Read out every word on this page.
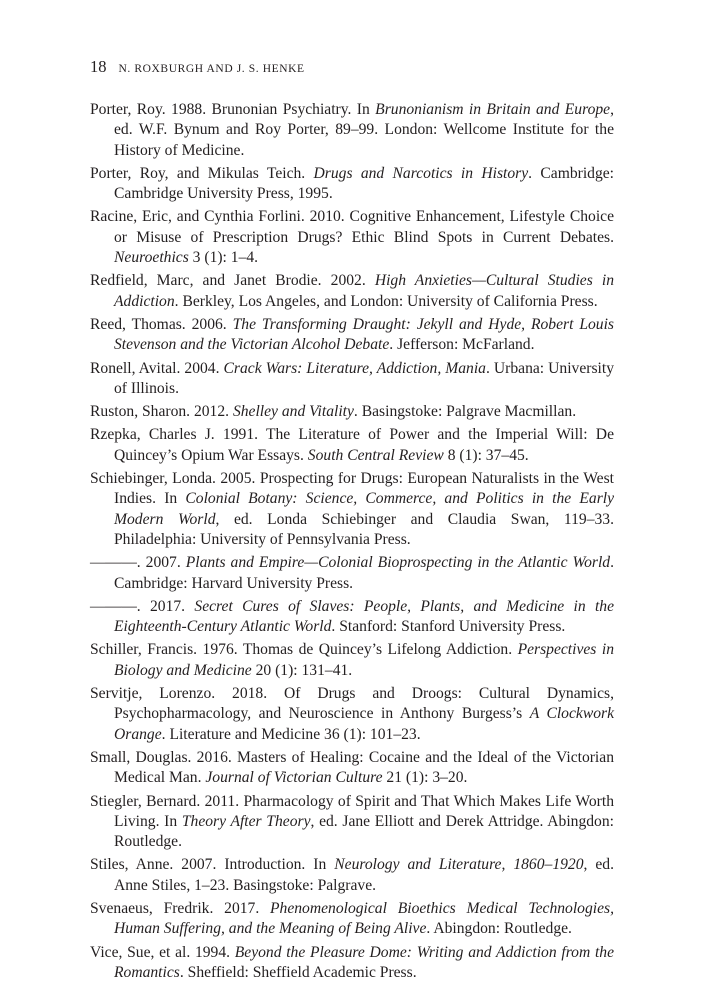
18 N. ROXBURGH AND J. S. HENKE
Porter, Roy. 1988. Brunonian Psychiatry. In Brunonianism in Britain and Europe, ed. W.F. Bynum and Roy Porter, 89–99. London: Wellcome Institute for the History of Medicine.
Porter, Roy, and Mikulas Teich. Drugs and Narcotics in History. Cambridge: Cambridge University Press, 1995.
Racine, Eric, and Cynthia Forlini. 2010. Cognitive Enhancement, Lifestyle Choice or Misuse of Prescription Drugs? Ethic Blind Spots in Current Debates. Neuroethics 3 (1): 1–4.
Redfield, Marc, and Janet Brodie. 2002. High Anxieties—Cultural Studies in Addiction. Berkley, Los Angeles, and London: University of California Press.
Reed, Thomas. 2006. The Transforming Draught: Jekyll and Hyde, Robert Louis Stevenson and the Victorian Alcohol Debate. Jefferson: McFarland.
Ronell, Avital. 2004. Crack Wars: Literature, Addiction, Mania. Urbana: University of Illinois.
Ruston, Sharon. 2012. Shelley and Vitality. Basingstoke: Palgrave Macmillan.
Rzepka, Charles J. 1991. The Literature of Power and the Imperial Will: De Quincey’s Opium War Essays. South Central Review 8 (1): 37–45.
Schiebinger, Londa. 2005. Prospecting for Drugs: European Naturalists in the West Indies. In Colonial Botany: Science, Commerce, and Politics in the Early Modern World, ed. Londa Schiebinger and Claudia Swan, 119–33. Philadelphia: University of Pennsylvania Press.
———. 2007. Plants and Empire—Colonial Bioprospecting in the Atlantic World. Cambridge: Harvard University Press.
———. 2017. Secret Cures of Slaves: People, Plants, and Medicine in the Eighteenth-Century Atlantic World. Stanford: Stanford University Press.
Schiller, Francis. 1976. Thomas de Quincey’s Lifelong Addiction. Perspectives in Biology and Medicine 20 (1): 131–41.
Servitje, Lorenzo. 2018. Of Drugs and Droogs: Cultural Dynamics, Psychopharmacology, and Neuroscience in Anthony Burgess’s A Clockwork Orange. Literature and Medicine 36 (1): 101–23.
Small, Douglas. 2016. Masters of Healing: Cocaine and the Ideal of the Victorian Medical Man. Journal of Victorian Culture 21 (1): 3–20.
Stiegler, Bernard. 2011. Pharmacology of Spirit and That Which Makes Life Worth Living. In Theory After Theory, ed. Jane Elliott and Derek Attridge. Abingdon: Routledge.
Stiles, Anne. 2007. Introduction. In Neurology and Literature, 1860–1920, ed. Anne Stiles, 1–23. Basingstoke: Palgrave.
Svenaeus, Fredrik. 2017. Phenomenological Bioethics Medical Technologies, Human Suffering, and the Meaning of Being Alive. Abingdon: Routledge.
Vice, Sue, et al. 1994. Beyond the Pleasure Dome: Writing and Addiction from the Romantics. Sheffield: Sheffield Academic Press.
